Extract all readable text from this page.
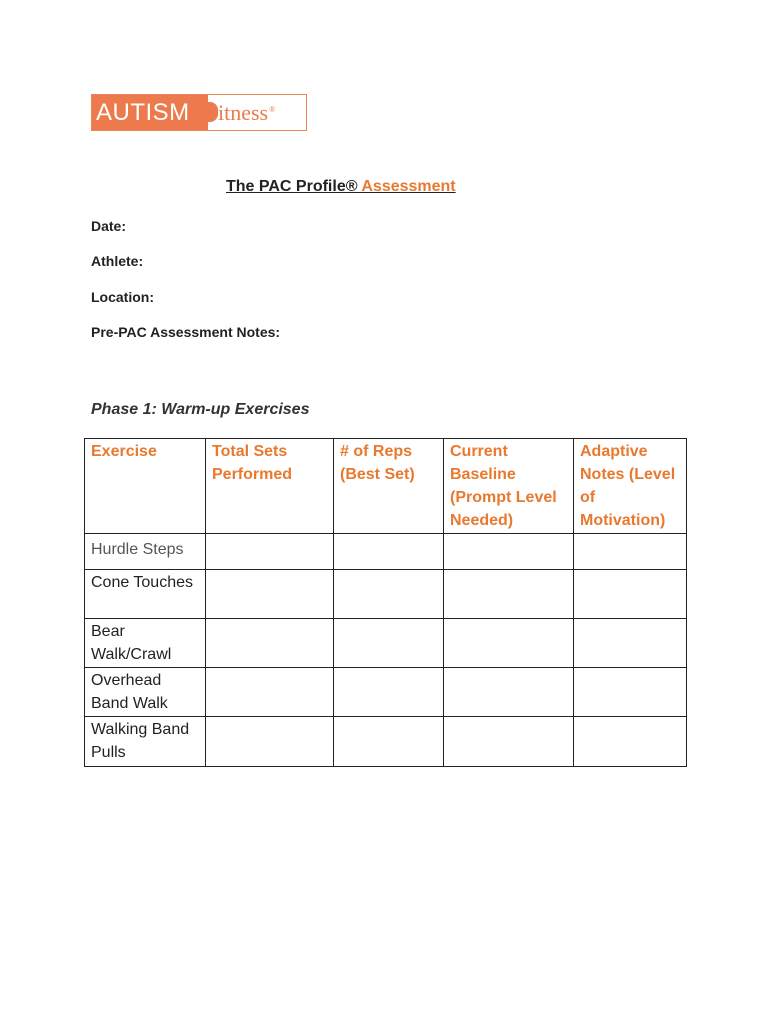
AUTISM itness ®
The PAC Profile® Assessment
Date:
Athlete:
Location:
Pre-PAC Assessment Notes:
Phase 1: Warm-up Exercises
Exercise	Total Sets Performed	# of Reps (Best Set)	Current Baseline (Prompt Level Needed)	Adaptive Notes (Level of Motivation)
Hurdle Steps				
Cone Touches				
Bear Walk/Crawl				
Overhead Band Walk				
Walking Band Pulls				
